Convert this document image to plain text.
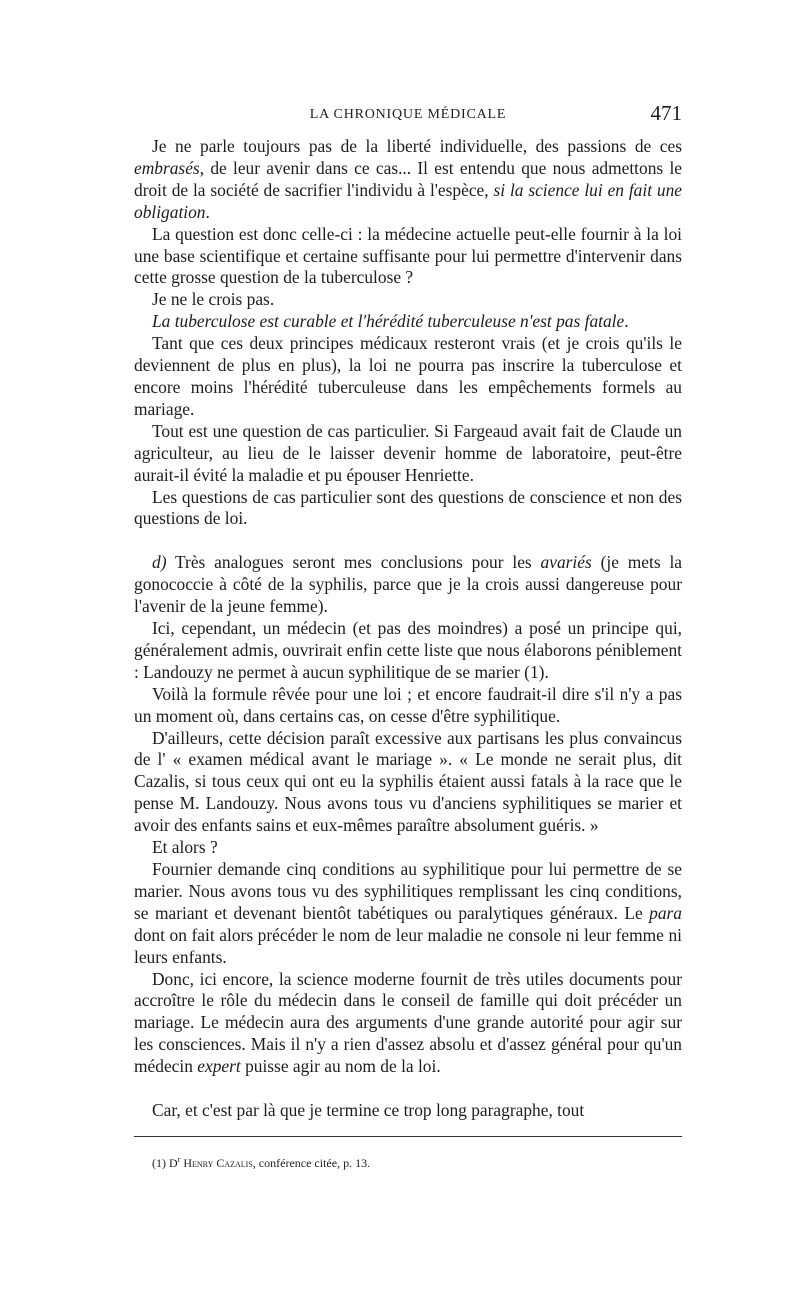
LA CHRONIQUE MÉDICALE	471

Je ne parle toujours pas de la liberté individuelle, des passions de ces embrasés, de leur avenir dans ce cas... Il est entendu que nous admettons le droit de la société de sacrifier l'individu à l'espèce, si la science lui en fait une obligation.

La question est donc celle-ci : la médecine actuelle peut-elle fournir à la loi une base scientifique et certaine suffisante pour lui permettre d'intervenir dans cette grosse question de la tuberculose ?

Je ne le crois pas.

La tuberculose est curable et l'hérédité tuberculeuse n'est pas fatale.

Tant que ces deux principes médicaux resteront vrais (et je crois qu'ils le deviennent de plus en plus), la loi ne pourra pas inscrire la tuberculose et encore moins l'hérédité tuberculeuse dans les empêchements formels au mariage.

Tout est une question de cas particulier. Si Fargeaud avait fait de Claude un agriculteur, au lieu de le laisser devenir homme de laboratoire, peut-être aurait-il évité la maladie et pu épouser Henriette.

Les questions de cas particulier sont des questions de conscience et non des questions de loi.

d) Très analogues seront mes conclusions pour les avariés (je mets la gonococcie à côté de la syphilis, parce que je la crois aussi dangereuse pour l'avenir de la jeune femme).

Ici, cependant, un médecin (et pas des moindres) a posé un principe qui, généralement admis, ouvrirait enfin cette liste que nous élaborons péniblement : Landouzy ne permet à aucun syphilitique de se marier (1).

Voilà la formule rêvée pour une loi ; et encore faudrait-il dire s'il n'y a pas un moment où, dans certains cas, on cesse d'être syphilitique.

D'ailleurs, cette décision paraît excessive aux partisans les plus convaincus de l' « examen médical avant le mariage ». « Le monde ne serait plus, dit Cazalis, si tous ceux qui ont eu la syphilis étaient aussi fatals à la race que le pense M. Landouzy. Nous avons tous vu d'anciens syphilitiques se marier et avoir des enfants sains et eux-mêmes paraître absolument guéris. »

Et alors ?

Fournier demande cinq conditions au syphilitique pour lui permettre de se marier. Nous avons tous vu des syphilitiques remplissant les cinq conditions, se mariant et devenant bientôt tabétiques ou paralytiques généraux. Le para dont on fait alors précéder le nom de leur maladie ne console ni leur femme ni leurs enfants.

Donc, ici encore, la science moderne fournit de très utiles documents pour accroître le rôle du médecin dans le conseil de famille qui doit précéder un mariage. Le médecin aura des arguments d'une grande autorité pour agir sur les consciences. Mais il n'y a rien d'assez absolu et d'assez général pour qu'un médecin expert puisse agir au nom de la loi.

Car, et c'est par là que je termine ce trop long paragraphe, tout

(1) $D^r$ Henry Cazalis, conférence citée, p. 13.
